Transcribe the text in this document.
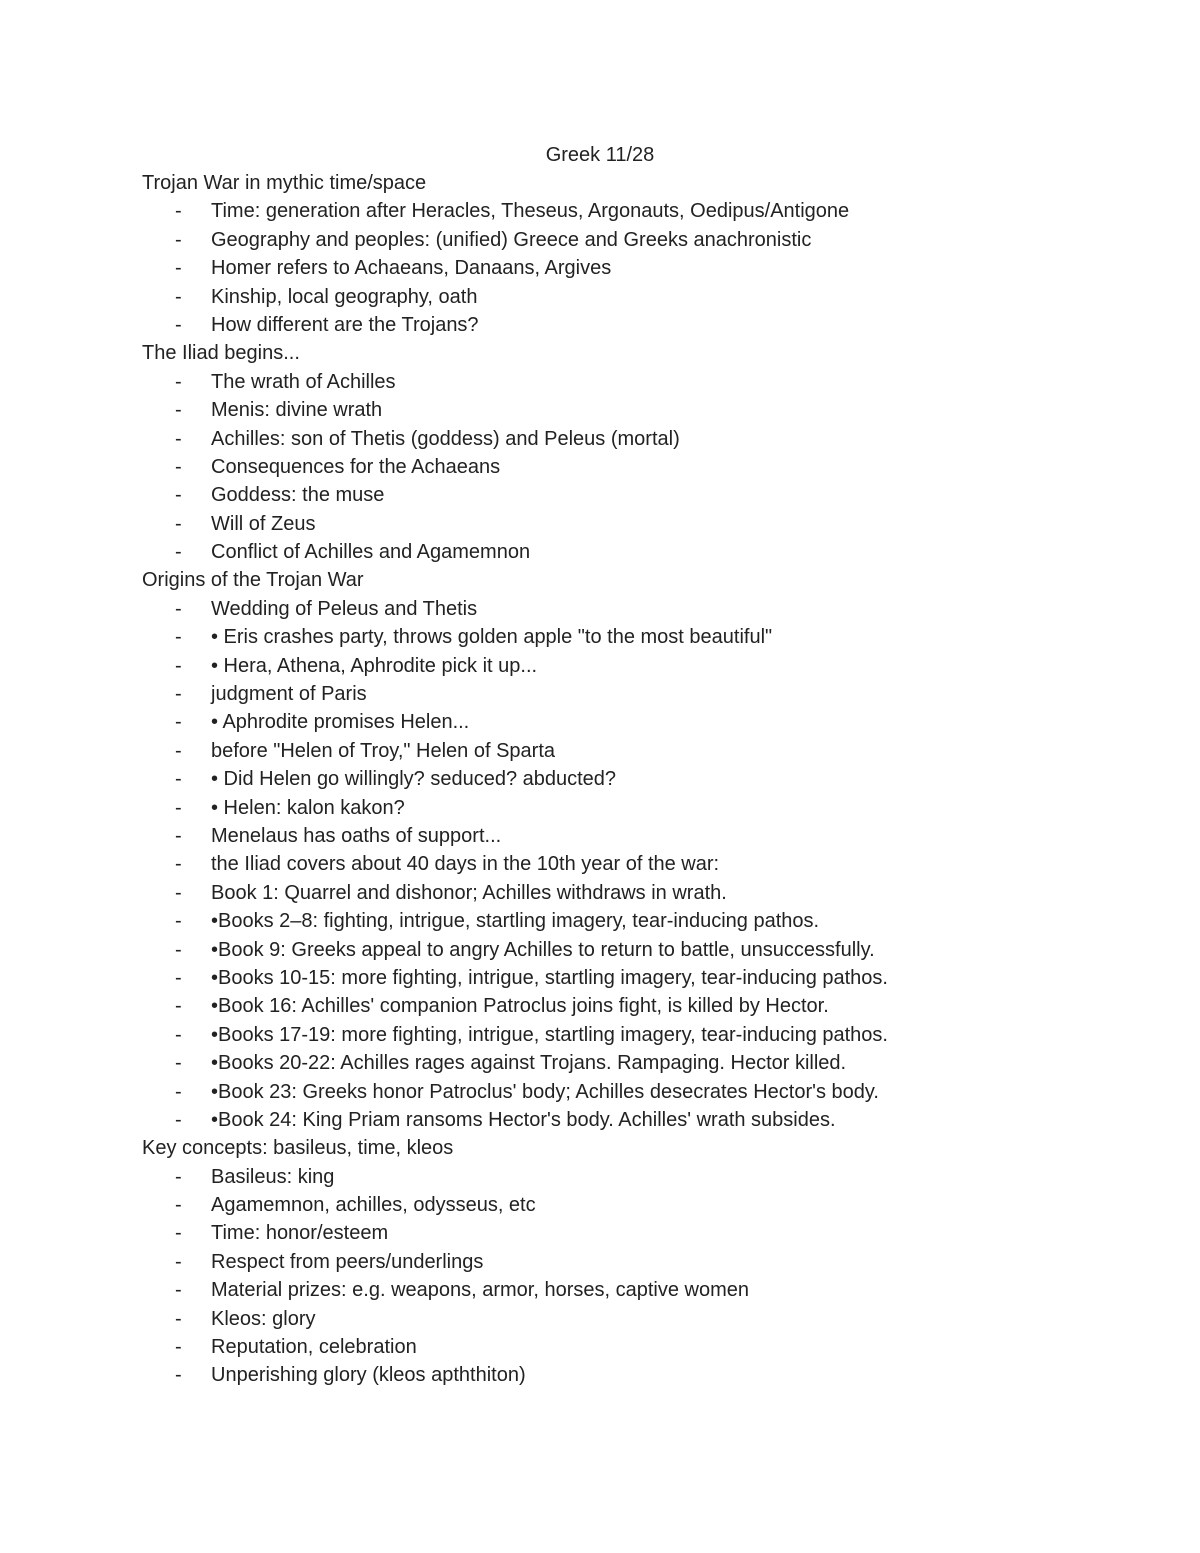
Greek 11/28
Trojan War in mythic time/space
- Time: generation after Heracles, Theseus, Argonauts, Oedipus/Antigone
- Geography and peoples: (unified) Greece and Greeks anachronistic
- Homer refers to Achaeans, Danaans, Argives
- Kinship, local geography, oath
- How different are the Trojans?
The Iliad begins...
- The wrath of Achilles
- Menis: divine wrath
- Achilles: son of Thetis (goddess) and Peleus (mortal)
- Consequences for the Achaeans
- Goddess: the muse
- Will of Zeus
- Conflict of Achilles and Agamemnon
Origins of the Trojan War
- Wedding of Peleus and Thetis
- • Eris crashes party, throws golden apple "to the most beautiful"
- • Hera, Athena, Aphrodite pick it up...
- judgment of Paris
- • Aphrodite promises Helen...
- before "Helen of Troy," Helen of Sparta
- • Did Helen go willingly? seduced? abducted?
- • Helen: kalon kakon?
- Menelaus has oaths of support...
- the Iliad covers about 40 days in the 10th year of the war:
- Book 1: Quarrel and dishonor; Achilles withdraws in wrath.
- •Books 2–8: fighting, intrigue, startling imagery, tear-inducing pathos.
- •Book 9: Greeks appeal to angry Achilles to return to battle, unsuccessfully.
- •Books 10-15: more fighting, intrigue, startling imagery, tear-inducing pathos.
- •Book 16: Achilles' companion Patroclus joins fight, is killed by Hector.
- •Books 17-19: more fighting, intrigue, startling imagery, tear-inducing pathos.
- •Books 20-22: Achilles rages against Trojans. Rampaging. Hector killed.
- •Book 23: Greeks honor Patroclus' body; Achilles desecrates Hector's body.
- •Book 24: King Priam ransoms Hector's body. Achilles' wrath subsides.
Key concepts: basileus, time, kleos
- Basileus: king
- Agamemnon, achilles, odysseus, etc
- Time: honor/esteem
- Respect from peers/underlings
- Material prizes: e.g. weapons, armor, horses, captive women
- Kleos: glory
- Reputation, celebration
- Unperishing glory (kleos apththiton)
